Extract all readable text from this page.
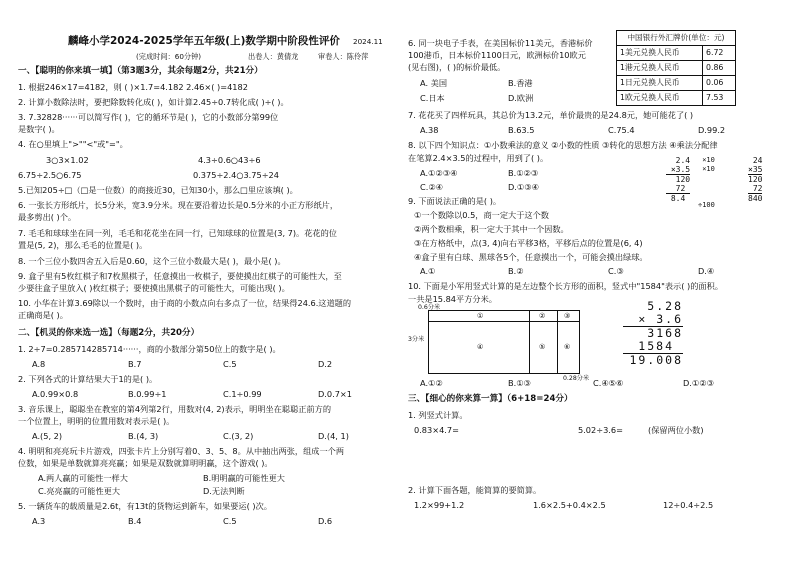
麟峰小学2024-2025学年五年级(上)数学期中阶段性评价 2024.11
(完成时间：60分钟)	出卷人：黄倩龙	审卷人：陈伶萍
一、【聪明的你来填一填】（第3题3分，其余每题2分，共21分）
1. 根据246×17=4182，则 ( )×1.7=4.182 2.46×( )=4182
2. 计算小数除法时，要把除数转化成( )，如计算2.45÷0.7转化成( )÷( )。
3. 7.32828······可以简写作( )，它的循环节是( )，它的小数部分第99位
是数字( )。
4. 在○里填上">""<"或"="。
3○3×1.02	4.3÷0.6○43÷6
6.75÷2.5○6.75	0.375÷2.4○3.75÷24
5.已知205÷□（□是一位数）的商接近30，已知30小，那么□里应该填( )。
6. 一张长方形纸片，长5分米，宽3.9分米。现在要沿着边长是0.5分米的小正方形纸片，
最多剪出( )个。
7. 毛毛和球球坐在同一列，毛毛和花花坐在同一行，已知球球的位置是(3, 7)。花花的位
置是(5, 2)，那么毛毛的位置是( )。
8. 一个三位小数四舍五入后是0.60，这个三位小数最大是( )，最小是( )。
9. 盒子里有5枚红棋子和7枚黑棋子，任意摸出一枚棋子，要使摸出红棋子的可能性大，至
少要往盒子里放入( )枚红棋子；要使摸出黑棋子的可能性大，可能出现( )。
10. 小华在计算3.69除以一个数时，由于商的小数点向右多点了一位，结果得24.6.这道题的
正确商是( )。
二、【机灵的你来选一选】（每题2分，共20分）
1. 2÷7=0.285714285714······，商的小数部分第50位上的数字是( )。
A.8	B.7	C.5	D.2
2. 下列各式的计算结果大于1的是( )。
A.0.99×0.8	B.0.99÷1	C.1÷0.99	D.0.7×1
3. 音乐课上，聪聪坐在教室的第4列第2行，用数对(4, 2)表示，明明坐在聪聪正前方的
一个位置上，明明的位置用数对表示是( )。
A.(5, 2)	B.(4, 3)	C.(3, 2)	D.(4, 1)
4. 明明和亮亮玩卡片游戏，四张卡片上分别写着0、3、5、8。从中抽出两张，组成一个两
位数，如果是单数就算亮亮赢；如果是双数就算明明赢，这个游戏( )。
A.两人赢的可能性一样大	B.明明赢的可能性更大
C.亮亮赢的可能性更大	D.无法判断
5. 一辆货车的载质量是2.6t，有13t的货物运到新车，如果要运( )次。
A.3	B.4	C.5	D.6
6. 同一块电子手表，在美国标价11美元，香港标价
100港币，日本标价1100日元，欧洲标价10欧元
(见右图)，( )的标价最低。
A. 美国	B.香港
C.日本	D.欧洲
中国银行外汇牌价(单位：元)	
1美元兑换人民币	6.72
1港元兑换人民币	0.86
1日元兑换人民币	0.06
1欧元兑换人民币	7.53
7. 花花买了四样玩具，其总价为13.2元，单价最贵的是24.8元，她可能花了( )
A.38	B.63.5	C.75.4	D.99.2
8. 以下四个知识点：①小数乘法的意义 ②小数的性质 ③转化的思想方法 ④乘法分配律
在笔算2.4×3.5的过程中，用到了( )。
A.①②③④	B.①②③
C.②④	D.①③④
2.4
×3.5
120
72
8.4
×10
×10
÷100
24
×35
120
72
840
9. 下面说法正确的是( )。
①一个数除以0.5，商一定大于这个数
②两个数相乘，积一定大于其中一个因数。
③在方格纸中，点(3, 4)向右平移3格，平移后点的位置是(6, 4)
④盒子里有白球、黑球各5个，任意摸出一个，可能会摸出绿球。
A.①	B.②	C.③	D.④
10. 下面是小军用竖式计算的是左边整个长方形的面积，竖式中"1584"表示( )的面积。
一共是15.84平方分米。
0.6分米
3分米
①	②	③
④	⑤	⑥
0.28分米
5.28
× 3.6
3168
1584
19.008
A.①②	B.①③	C.④⑤⑥	D.①②③
三、【细心的你来算一算】（6+18=24分）
1. 列竖式计算。
0.83×4.7=	5.02÷3.6=	(保留两位小数)
2. 计算下面各题，能简算的要简算。
1.2×99+1.2	1.6×2.5+0.4×2.5	12÷0.4÷2.5
